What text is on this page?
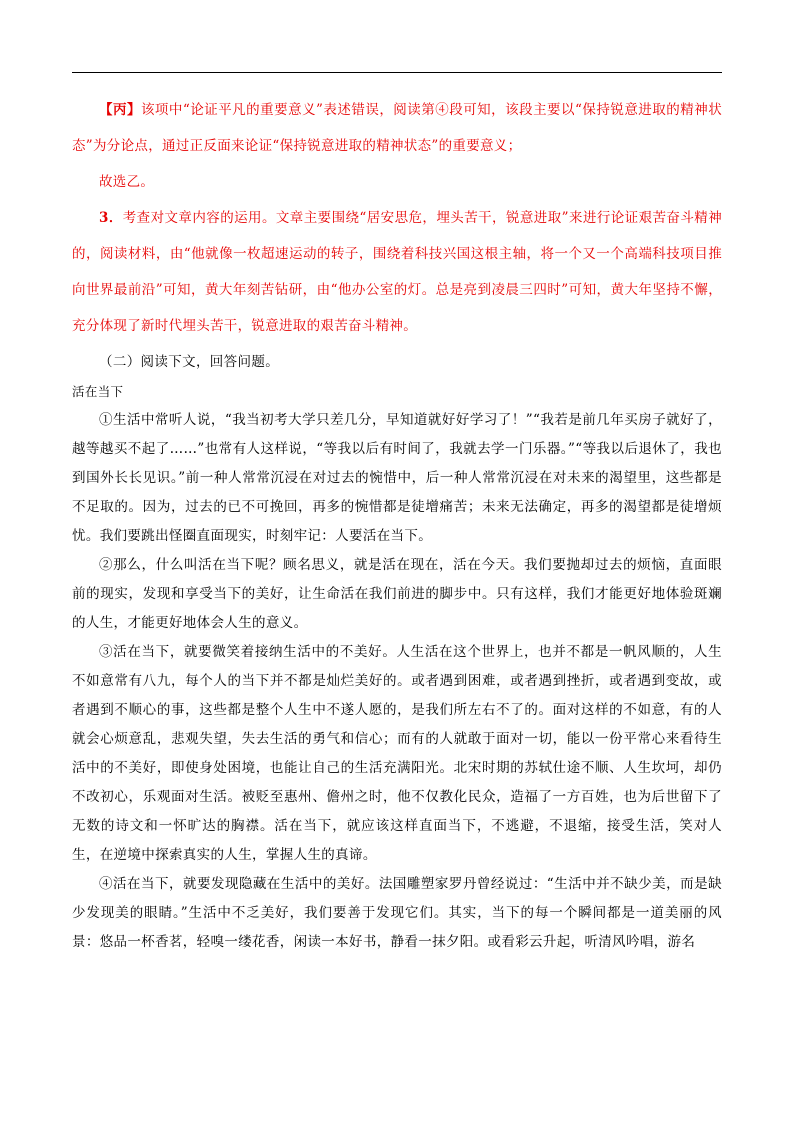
【丙】该项中“论证平凡的重要意义”表述错误，阅读第④段可知，该段主要以“保持锐意进取的精神状态”为分论点，通过正反面来论证“保持锐意进取的精神状态”的重要意义；

故选乙。

3．考查对文章内容的运用。文章主要围绕“居安思危，埋头苦干，锐意进取”来进行论证艰苦奋斗精神的，阅读材料，由“他就像一枚超速运动的转子，围绕着科技兴国这根主轴，将一个又一个高端科技项目推向世界最前沿”可知，黄大年刻苦钻研，由“他办公室的灯。总是亮到凌晨三四时”可知，黄大年坚持不懈，充分体现了新时代埋头苦干，锐意进取的艰苦奋斗精神。

（二）阅读下文，回答问题。

活在当下

①生活中常听人说，“我当初考大学只差几分，早知道就好好学习了！”“我若是前几年买房子就好了，越等越买不起了……”也常有人这样说，“等我以后有时间了，我就去学一门乐器。”“等我以后退休了，我也到国外长长见识。”前一种人常常沉浸在对过去的惋惜中，后一种人常常沉浸在对未来的渴望里，这些都是不足取的。因为，过去的已不可挽回，再多的惋惜都是徒增痛苦；未来无法确定，再多的渴望都是徒增烦忧。我们要跳出怪圈直面现实，时刻牢记：人要活在当下。

②那么，什么叫活在当下呢？顾名思义，就是活在现在，活在今天。我们要抛却过去的烦恼，直面眼前的现实，发现和享受当下的美好，让生命活在我们前进的脚步中。只有这样，我们才能更好地体验斑斓的人生，才能更好地体会人生的意义。

③活在当下，就要微笑着接纳生活中的不美好。人生活在这个世界上，也并不都是一帆风顺的，人生不如意常有八九，每个人的当下并不都是灿烂美好的。或者遇到困难，或者遇到挫折，或者遇到变故，或者遇到不顺心的事，这些都是整个人生中不遂人愿的，是我们所左右不了的。面对这样的不如意，有的人就会心烦意乱，悲观失望，失去生活的勇气和信心；而有的人就敢于面对一切，能以一份平常心来看待生活中的不美好，即使身处困境，也能让自己的生活充满阳光。北宋时期的苏轼仕途不顺、人生坎坷，却仍不改初心，乐观面对生活。被贬至惠州、儋州之时，他不仅教化民众，造福了一方百姓，也为后世留下了无数的诗文和一怀旷达的胸襟。活在当下，就应该这样直面当下，不逃避，不退缩，接受生活，笑对人生，在逆境中探索真实的人生，掌握人生的真谛。

④活在当下，就要发现隐藏在生活中的美好。法国雕塑家罗丹曾经说过：“生活中并不缺少美，而是缺少发现美的眼睛。”生活中不乏美好，我们要善于发现它们。其实，当下的每一个瞬间都是一道美丽的风景：悠品一杯香茗，轻嗅一缕花香，闲读一本好书，静看一抹夕阳。或看彩云升起，听清风吟唱，游名
